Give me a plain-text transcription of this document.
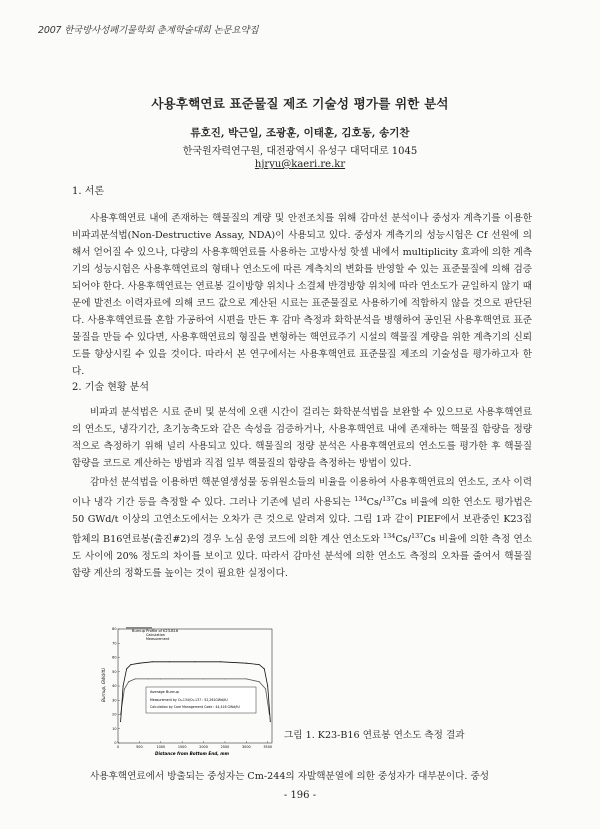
2007 한국방사성폐기물학회 춘계학술대회 논문요약집
사용후핵연료 표준물질 제조 기술성 평가를 위한 분석
류호진, 박근일, 조광훈, 이태훈, 김호동, 송기찬
한국원자력연구원, 대전광역시 유성구 대덕대로 1045
hjryu@kaeri.re.kr
1. 서론

사용후핵연료 내에 존재하는 핵물질의 계량 및 안전조치를 위해 감마선 분석이나 중성자 계측기를 이용한 비파괴분석법(Non-Destructive Assay, NDA)이 사용되고 있다. 중성자 계측기의 성능시험은 Cf 선원에 의해서 얻어질 수 있으나, 다량의 사용후핵연료를 사용하는 고방사성 핫셀 내에서 multiplicity 효과에 의한 계측기의 성능시험은 사용후핵연료의 형태나 연소도에 따른 계측치의 변화를 반영할 수 있는 표준물질에 의해 검증되어야 한다. 사용후핵연료는 연료봉 길이방향 위치나 소결체 반경방향 위치에 따라 연소도가 균일하지 않기 때문에 발전소 이력자료에 의해 코드 값으로 계산된 시료는 표준물질로 사용하기에 적합하지 않을 것으로 판단된다. 사용후핵연료를 혼합 가공하여 시편을 만든 후 감마 측정과 화학분석을 병행하여 공인된 사용후핵연료 표준물질을 만들 수 있다면, 사용후핵연료의 형질을 변형하는 핵연료주기 시설의 핵물질 계량을 위한 계측기의 신뢰도를 향상시킬 수 있을 것이다. 따라서 본 연구에서는 사용후핵연료 표준물질 제조의 기술성을 평가하고자 한다.

2. 기술 현황 분석

비파괴 분석법은 시료 준비 및 분석에 오랜 시간이 걸리는 화학분석법을 보완할 수 있으므로 사용후핵연료의 연소도, 냉각기간, 초기농축도와 같은 속성을 검증하거나, 사용후핵연료 내에 존재하는 핵물질 함량을 정량적으로 측정하기 위해 널리 사용되고 있다. 핵물질의 정량 분석은 사용후핵연료의 연소도를 평가한 후 핵물질 함량을 코드로 계산하는 방법과 직접 일부 핵물질의 함량을 측정하는 방법이 있다.

감마선 분석법을 이용하면 핵분열생성물 동위원소들의 비율을 이용하여 사용후핵연료의 연소도, 조사 이력이나 냉각 기간 등을 측정할 수 있다. 그러나 기존에 널리 사용되는 $^{134}$Cs/$^{137}$Cs 비율에 의한 연소도 평가법은 50 GWd/t 이상의 고연소도에서는 오차가 큰 것으로 알려져 있다. 그림 1과 같이 PIEF에서 보관중인 K23집합체의 B16연료봉(출진#2)의 경우 노심 운영 코드에 의한 계산 연소도와 $^{134}$Cs/$^{137}$Cs 비율에 의한 측정 연소도 사이에 20% 정도의 차이를 보이고 있다. 따라서 감마선 분석에 의한 연소도 측정의 오차를 줄여서 핵물질 함량 계산의 정확도를 높이는 것이 필요한 실정이다.

0
10
20
30
40
50
60
70
80
0	500	1000	1500	2000	2500	3000	3500
Burnup Profile of K23-B16
Calculation
Measurement
Average Burnup
Measurement by Cs-134/Cs-137 : 52,261GWd/tU
Calculation by Core Management Code : 44,416 GWd/tU
Distance from Bottom End, mm
Burnup, GWd/tU
그림 1. K23-B16 연료봉 연소도 측정 결과

사용후핵연료에서 방출되는 중성자는 Cm-244의 자발핵분열에 의한 중성자가 대부분이다. 중성

- 196 -
